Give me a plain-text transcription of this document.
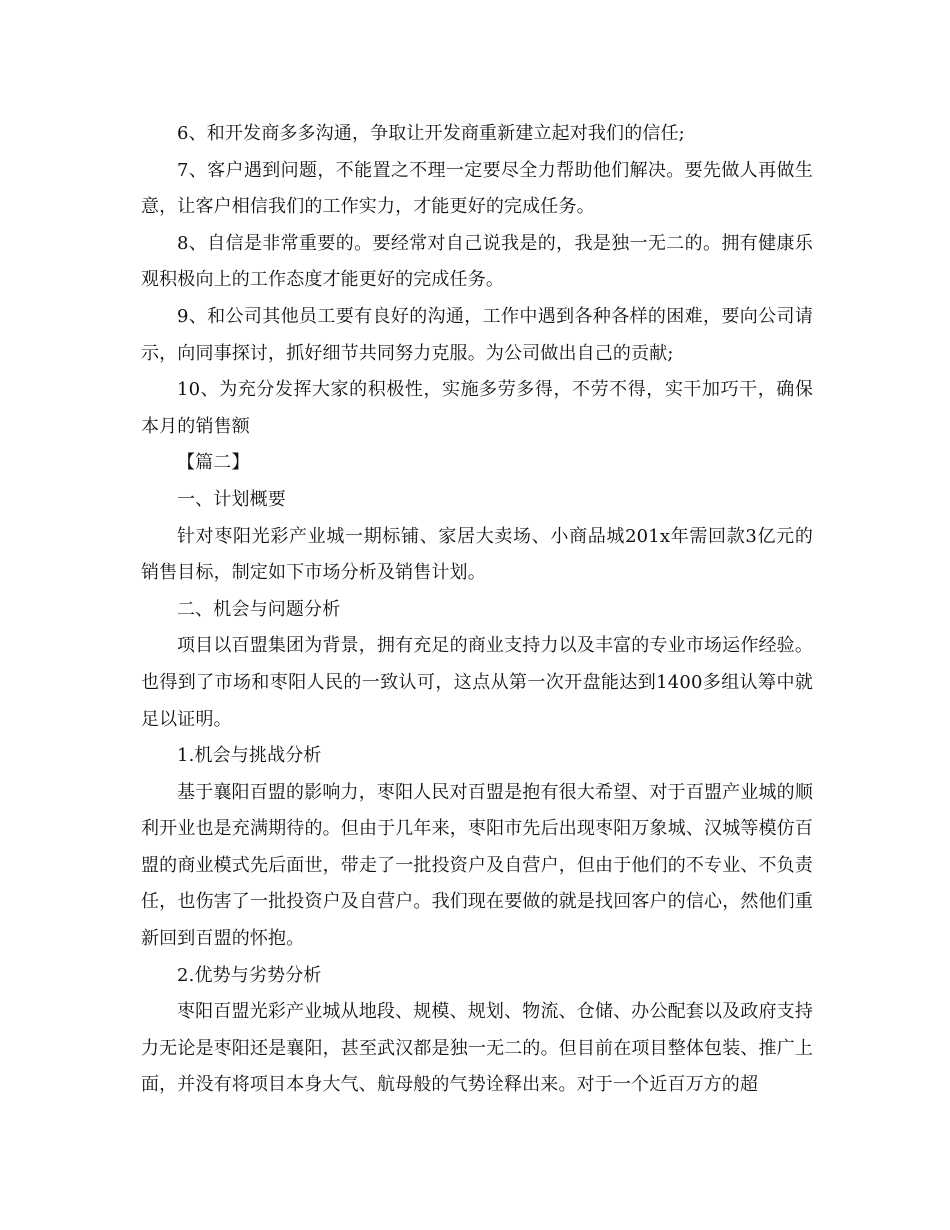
6、和开发商多多沟通，争取让开发商重新建立起对我们的信任;

7、客户遇到问题，不能置之不理一定要尽全力帮助他们解决。要先做人再做生意，让客户相信我们的工作实力，才能更好的完成任务。

8、自信是非常重要的。要经常对自己说我是的，我是独一无二的。拥有健康乐观积极向上的工作态度才能更好的完成任务。

9、和公司其他员工要有良好的沟通，工作中遇到各种各样的困难，要向公司请示，向同事探讨，抓好细节共同努力克服。为公司做出自己的贡献;

10、为充分发挥大家的积极性，实施多劳多得，不劳不得，实干加巧干，确保本月的销售额

【篇二】

一、计划概要

针对枣阳光彩产业城一期标铺、家居大卖场、小商品城201x年需回款3亿元的销售目标，制定如下市场分析及销售计划。

二、机会与问题分析

项目以百盟集团为背景，拥有充足的商业支持力以及丰富的专业市场运作经验。也得到了市场和枣阳人民的一致认可，这点从第一次开盘能达到1400多组认筹中就足以证明。

1.机会与挑战分析

基于襄阳百盟的影响力，枣阳人民对百盟是抱有很大希望、对于百盟产业城的顺利开业也是充满期待的。但由于几年来，枣阳市先后出现枣阳万象城、汉城等模仿百盟的商业模式先后面世，带走了一批投资户及自营户，但由于他们的不专业、不负责任，也伤害了一批投资户及自营户。我们现在要做的就是找回客户的信心，然他们重新回到百盟的怀抱。

2.优势与劣势分析

枣阳百盟光彩产业城从地段、规模、规划、物流、仓储、办公配套以及政府支持力无论是枣阳还是襄阳，甚至武汉都是独一无二的。但目前在项目整体包装、推广上面，并没有将项目本身大气、航母般的气势诠释出来。对于一个近百万方的超
